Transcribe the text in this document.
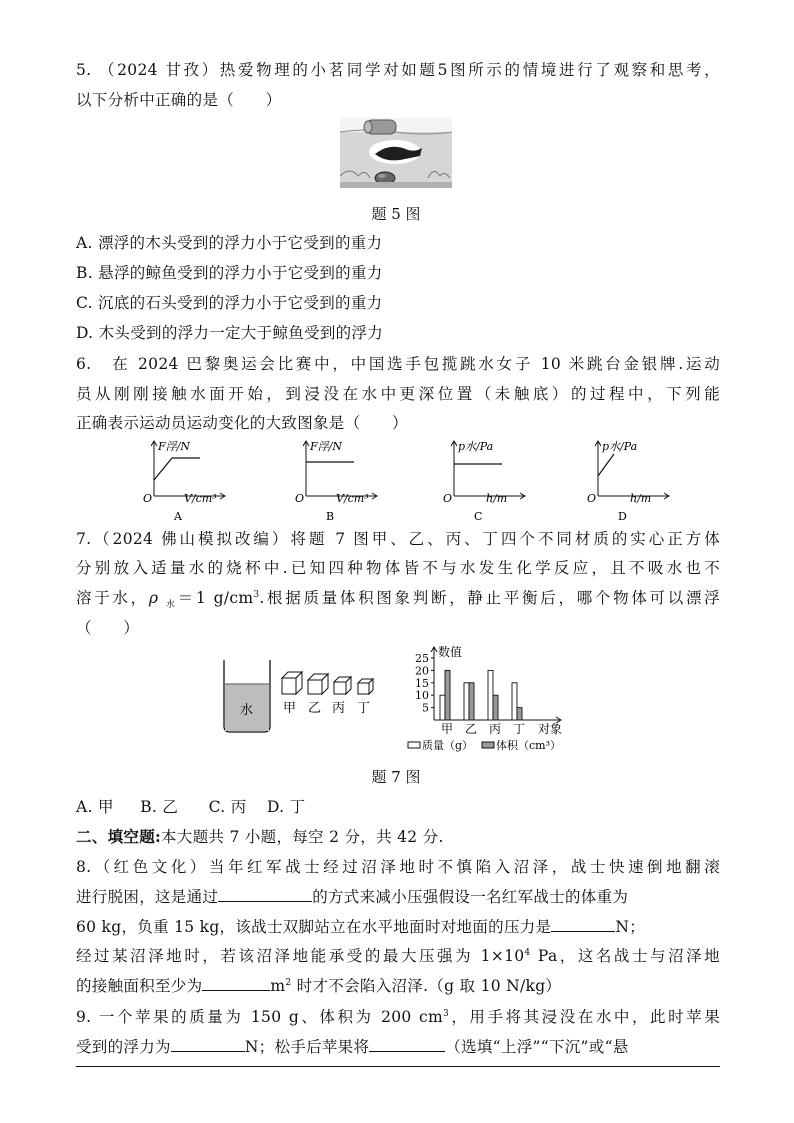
5. （2024 甘孜）热爱物理的小茗同学对如题5图所示的情境进行了观察和思考，
以下分析中正确的是（　　）
题 5 图
A. 漂浮的木头受到的浮力小于它受到的重力
B. 悬浮的鲸鱼受到的浮力小于它受到的重力
C. 沉底的石头受到的浮力小于它受到的重力
D. 木头受到的浮力一定大于鲸鱼受到的浮力
6.　在 2024 巴黎奥运会比赛中，中国选手包揽跳水女子 10 米跳台金银牌.运动
员从刚刚接触水面开始，到浸没在水中更深位置（未触底）的过程中，下列能
正确表示运动员运动变化的大致图象是（　　）
F浮/N
O	V/cm³
A
F浮/N
O	V/cm³
B
p水/Pa
O	h/m
C
p水/Pa
O	h/m
D
7.（2024 佛山模拟改编）将题 7 图甲、乙、丙、丁四个不同材质的实心正方体
分别放入适量水的烧杯中.已知四种物体皆不与水发生化学反应，且不吸水也不
溶于水，ρ $_水$＝1 $g/cm^3$.根据质量体积图象判断，静止平衡后，哪个物体可以漂浮
（　　）
水 甲 乙 丙 丁
数值
5
10
15
20
25
甲 乙 丙 丁 对象
质量（g） 体积（cm³）
题 7 图
A. 甲 B. 乙 C. 丙 D. 丁
二、填空题:本大题共 7 小题，每空 2 分，共 42 分.
8.（红色文化）当年红军战士经过沼泽地时不慎陷入沼泽，战士快速倒地翻滚
进行脱困，这是通过	的方式来减小压强假设一名红军战士的体重为
60 kg，负重 15 kg，该战士双脚站立在水平地面时对地面的压力是	N；
经过某沼泽地时，若该沼泽地能承受的最大压强为 $1\times 10^4$ Pa，这名战士与沼泽地
的接触面积至少为	$m^2$ 时才不会陷入沼泽.（g 取 10 N/kg）
9. 一个苹果的质量为 150 g、体积为 200 $cm^3$，用手将其浸没在水中，此时苹果
受到的浮力为	N；松手后苹果将	（选填“上浮”“下沉”或“悬
